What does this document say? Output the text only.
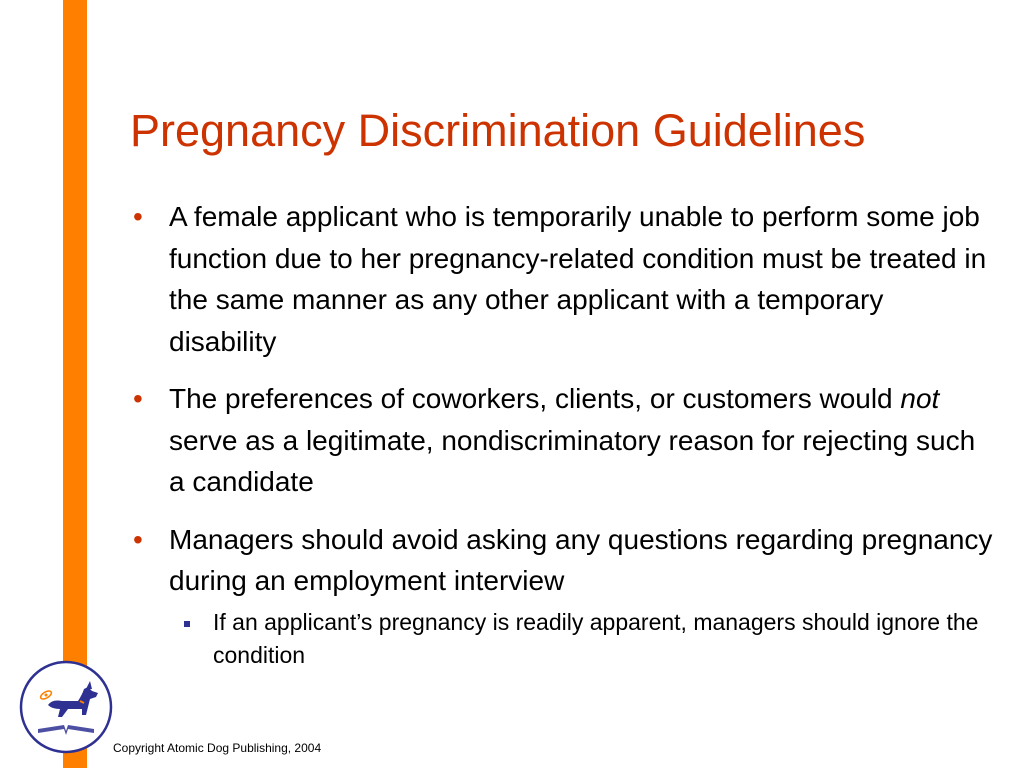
Pregnancy Discrimination Guidelines
• A female applicant who is temporarily unable to perform some job function due to her pregnancy-related condition must be treated in the same manner as any other applicant with a temporary disability
• The preferences of coworkers, clients, or customers would not serve as a legitimate, nondiscriminatory reason for rejecting such a candidate
• Managers should avoid asking any questions regarding pregnancy during an employment interview
If an applicant’s pregnancy is readily apparent, managers should ignore the condition
Copyright Atomic Dog Publishing, 2004
